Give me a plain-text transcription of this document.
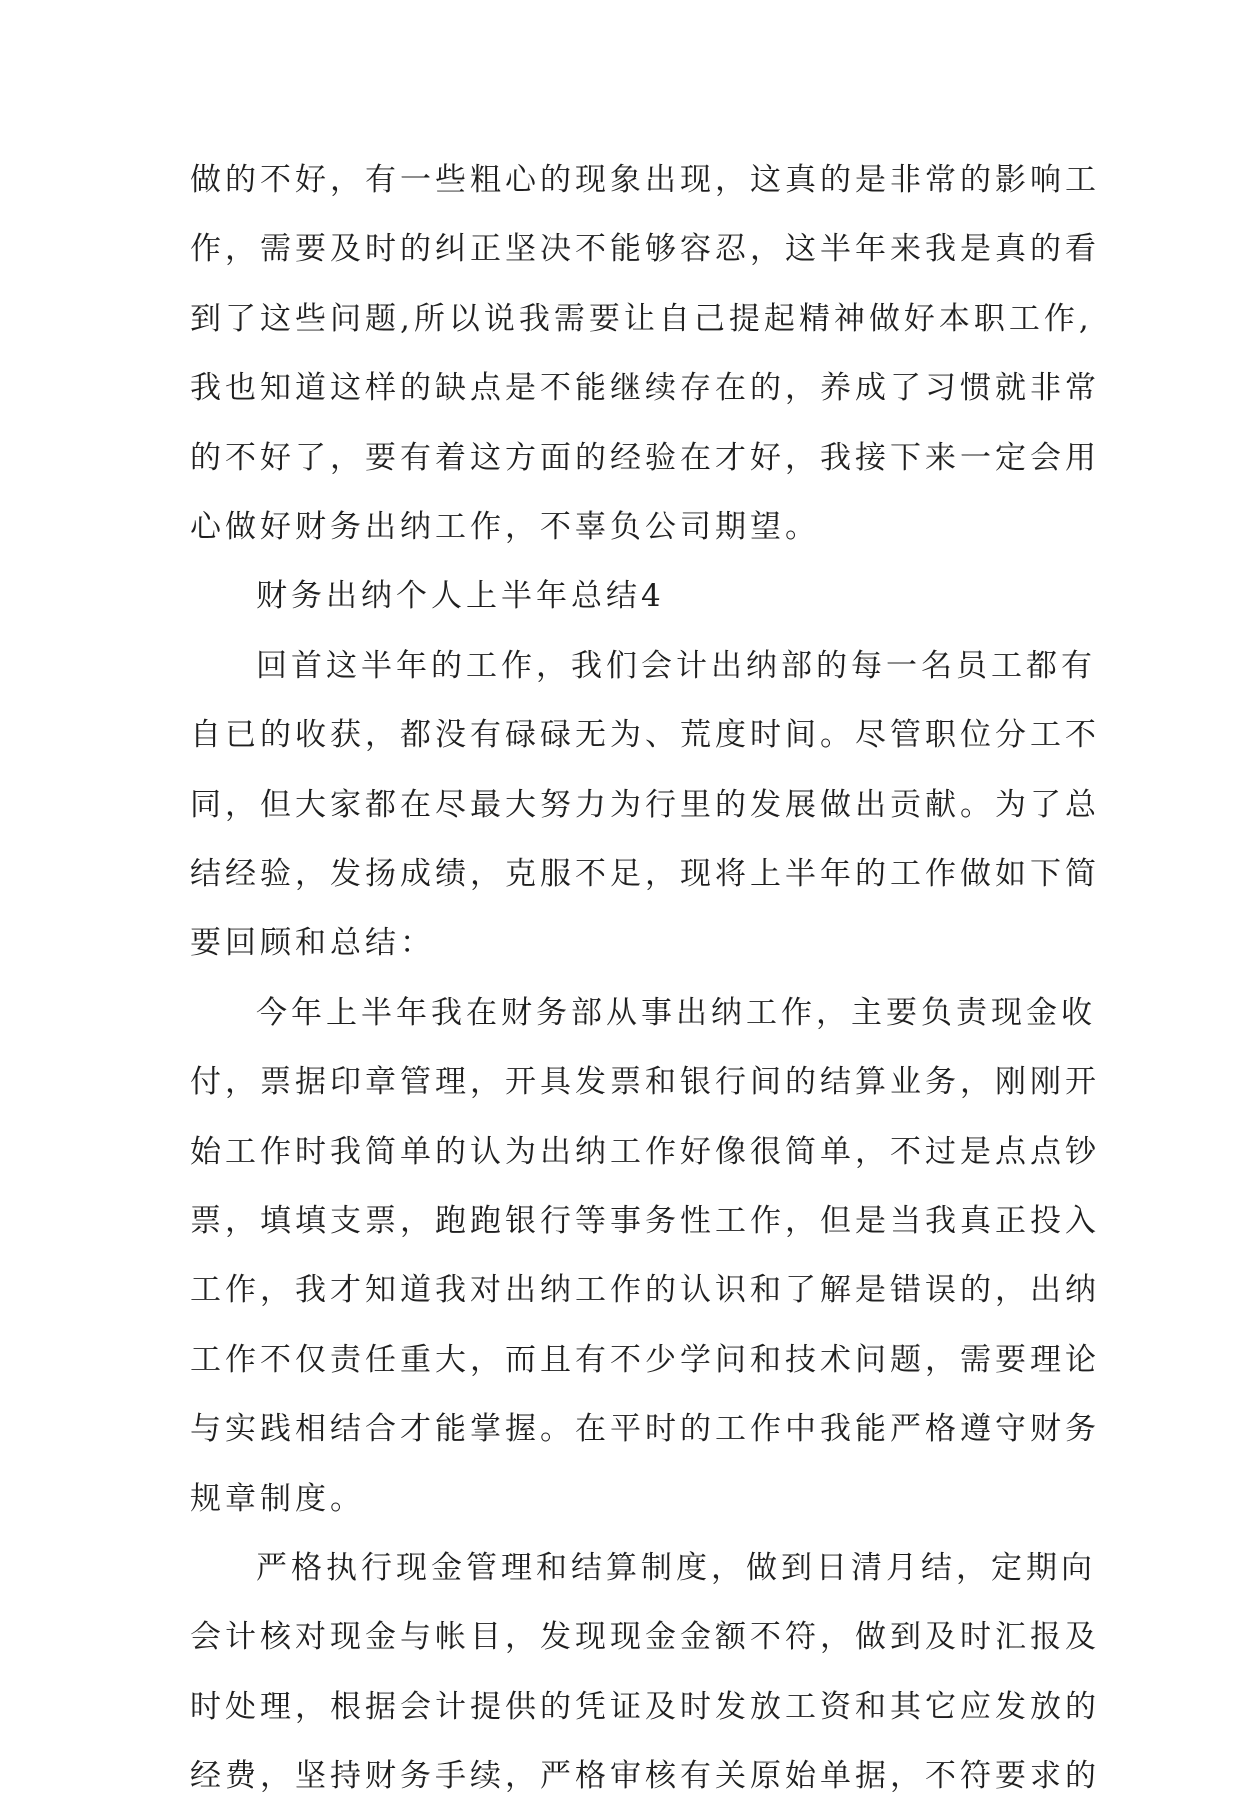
做的不好，有一些粗心的现象出现，这真的是非常的影响工
作，需要及时的纠正坚决不能够容忍，这半年来我是真的看
到了这些问题,所以说我需要让自己提起精神做好本职工作,
我也知道这样的缺点是不能继续存在的，养成了习惯就非常
的不好了，要有着这方面的经验在才好，我接下来一定会用
心做好财务出纳工作，不辜负公司期望。
财务出纳个人上半年总结4
回首这半年的工作，我们会计出纳部的每一名员工都有
自已的收获，都没有碌碌无为、荒度时间。尽管职位分工不
同，但大家都在尽最大努力为行里的发展做出贡献。为了总
结经验，发扬成绩，克服不足，现将上半年的工作做如下简
要回顾和总结：
今年上半年我在财务部从事出纳工作，主要负责现金收
付，票据印章管理，开具发票和银行间的结算业务，刚刚开
始工作时我简单的认为出纳工作好像很简单，不过是点点钞
票，填填支票，跑跑银行等事务性工作，但是当我真正投入
工作，我才知道我对出纳工作的认识和了解是错误的，出纳
工作不仅责任重大，而且有不少学问和技术问题，需要理论
与实践相结合才能掌握。在平时的工作中我能严格遵守财务
规章制度。
严格执行现金管理和结算制度，做到日清月结，定期向
会计核对现金与帐目，发现现金金额不符，做到及时汇报及
时处理，根据会计提供的凭证及时发放工资和其它应发放的
经费，坚持财务手续，严格审核有关原始单据，不符要求的
